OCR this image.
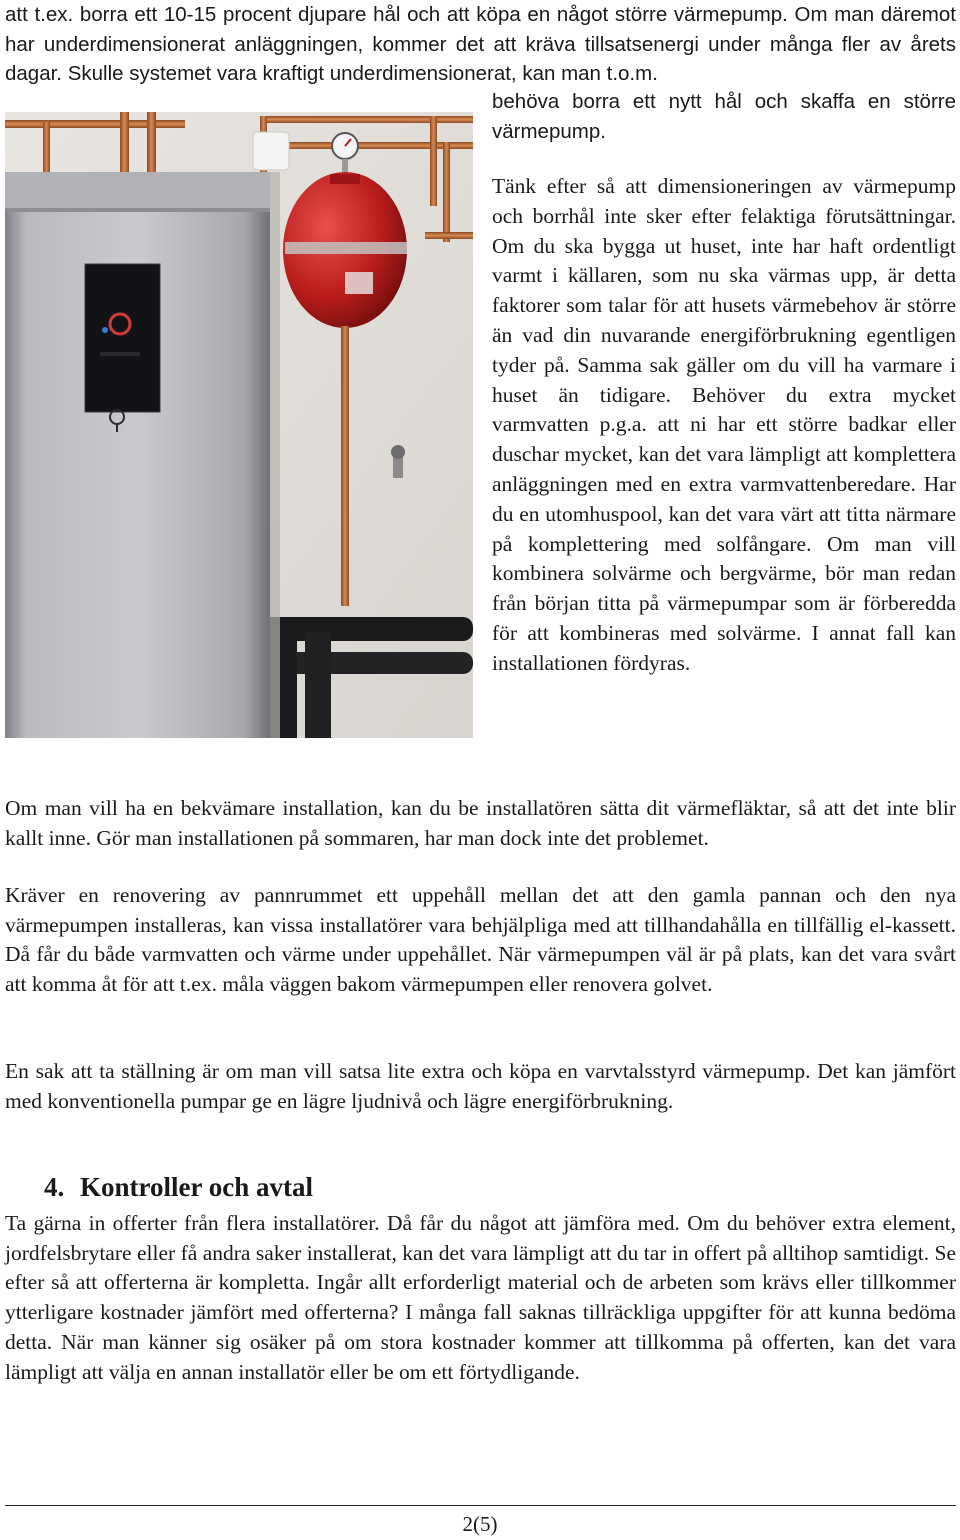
att t.ex. borra ett 10-15 procent djupare hål och att köpa en något större värmepump. Om man däremot har underdimensionerat anläggningen, kommer det att kräva tillsatsenergi under många fler av årets dagar. Skulle systemet vara kraftigt underdimensionerat, kan man t.o.m.

behöva borra ett nytt hål och skaffa en större värmepump.

Tänk efter så att dimensioneringen av värmepump och borrhål inte sker efter felaktiga förutsättningar. Om du ska bygga ut huset, inte har haft ordentligt varmt i källaren, som nu ska värmas upp, är detta faktorer som talar för att husets värmebehov är större än vad din nuvarande energiförbrukning egentligen tyder på. Samma sak gäller om du vill ha varmare i huset än tidigare. Behöver du extra mycket varmvatten p.g.a. att ni har ett större badkar eller duschar mycket, kan det vara lämpligt att komplettera anläggningen med en extra varmvattenberedare. Har du en utomhuspool, kan det vara värt att titta närmare på komplettering med solfångare. Om man vill kombinera solvärme och bergvärme, bör man redan från början titta på värmepumpar som är förberedda för att kombineras med solvärme. I annat fall kan installationen fördyras.

Om man vill ha en bekvämare installation, kan du be installatören sätta dit värmefläktar, så att det inte blir kallt inne. Gör man installationen på sommaren, har man dock inte det problemet.

Kräver en renovering av pannrummet ett uppehåll mellan det att den gamla pannan och den nya värmepumpen installeras, kan vissa installatörer vara behjälpliga med att tillhandahålla en tillfällig el-kassett. Då får du både varmvatten och värme under uppehållet. När värmepumpen väl är på plats, kan det vara svårt att komma åt för att t.ex. måla väggen bakom värmepumpen eller renovera golvet.

En sak att ta ställning är om man vill satsa lite extra och köpa en varvtalsstyrd värmepump. Det kan jämfört med konventionella pumpar ge en lägre ljudnivå och lägre energiförbrukning.

4. Kontroller och avtal

Ta gärna in offerter från flera installatörer. Då får du något att jämföra med. Om du behöver extra element, jordfelsbrytare eller få andra saker installerat, kan det vara lämpligt att du tar in offert på alltihop samtidigt. Se efter så att offerterna är kompletta. Ingår allt erforderligt material och de arbeten som krävs eller tillkommer ytterligare kostnader jämfört med offerterna? I många fall saknas tillräckliga uppgifter för att kunna bedöma detta. När man känner sig osäker på om stora kostnader kommer att tillkomma på offerten, kan det vara lämpligt att välja en annan installatör eller be om ett förtydligande.

2(5)
